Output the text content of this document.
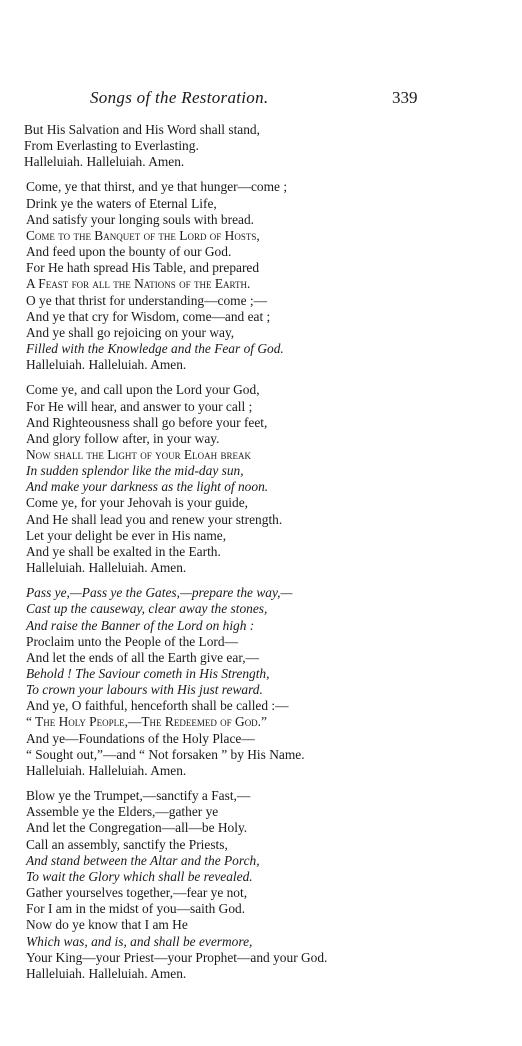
Songs of the Restoration.	339
But His Salvation and His Word shall stand,
From Everlasting to Everlasting.
Halleluiah. Halleluiah. Amen.
Come, ye that thirst, and ye that hunger—come ;
Drink ye the waters of Eternal Life,
And satisfy your longing souls with bread.
Come to the Banquet of the Lord of Hosts,
And feed upon the bounty of our God.
For He hath spread His Table, and prepared
A Feast for all the Nations of the Earth.
O ye that thrist for understanding—come ;—
And ye that cry for Wisdom, come—and eat ;
And ye shall go rejoicing on your way,
Filled with the Knowledge and the Fear of God.
Halleluiah. Halleluiah. Amen.
Come ye, and call upon the Lord your God,
For He will hear, and answer to your call ;
And Righteousness shall go before your feet,
And glory follow after, in your way.
Now shall the Light of your Eloah break
In sudden splendor like the mid-day sun,
And make your darkness as the light of noon.
Come ye, for your Jehovah is your guide,
And He shall lead you and renew your strength.
Let your delight be ever in His name,
And ye shall be exalted in the Earth.
Halleluiah. Halleluiah. Amen.
Pass ye,—Pass ye the Gates,—prepare the way,—
Cast up the causeway, clear away the stones,
And raise the Banner of the Lord on high :
Proclaim unto the People of the Lord—
And let the ends of all the Earth give ear,—
Behold ! The Saviour cometh in His Strength,
To crown your labours with His just reward.
And ye, O faithful, henceforth shall be called :—
“ The Holy People,—The Redeemed of God.”
And ye—Foundations of the Holy Place—
“ Sought out,”—and “ Not forsaken ” by His Name.
Halleluiah. Halleluiah. Amen.
Blow ye the Trumpet,—sanctify a Fast,—
Assemble ye the Elders,—gather ye
And let the Congregation—all—be Holy.
Call an assembly, sanctify the Priests,
And stand between the Altar and the Porch,
To wait the Glory which shall be revealed.
Gather yourselves together,—fear ye not,
For I am in the midst of you—saith God.
Now do ye know that I am He
Which was, and is, and shall be evermore,
Your King—your Priest—your Prophet—and your God.
Halleluiah. Halleluiah. Amen.
